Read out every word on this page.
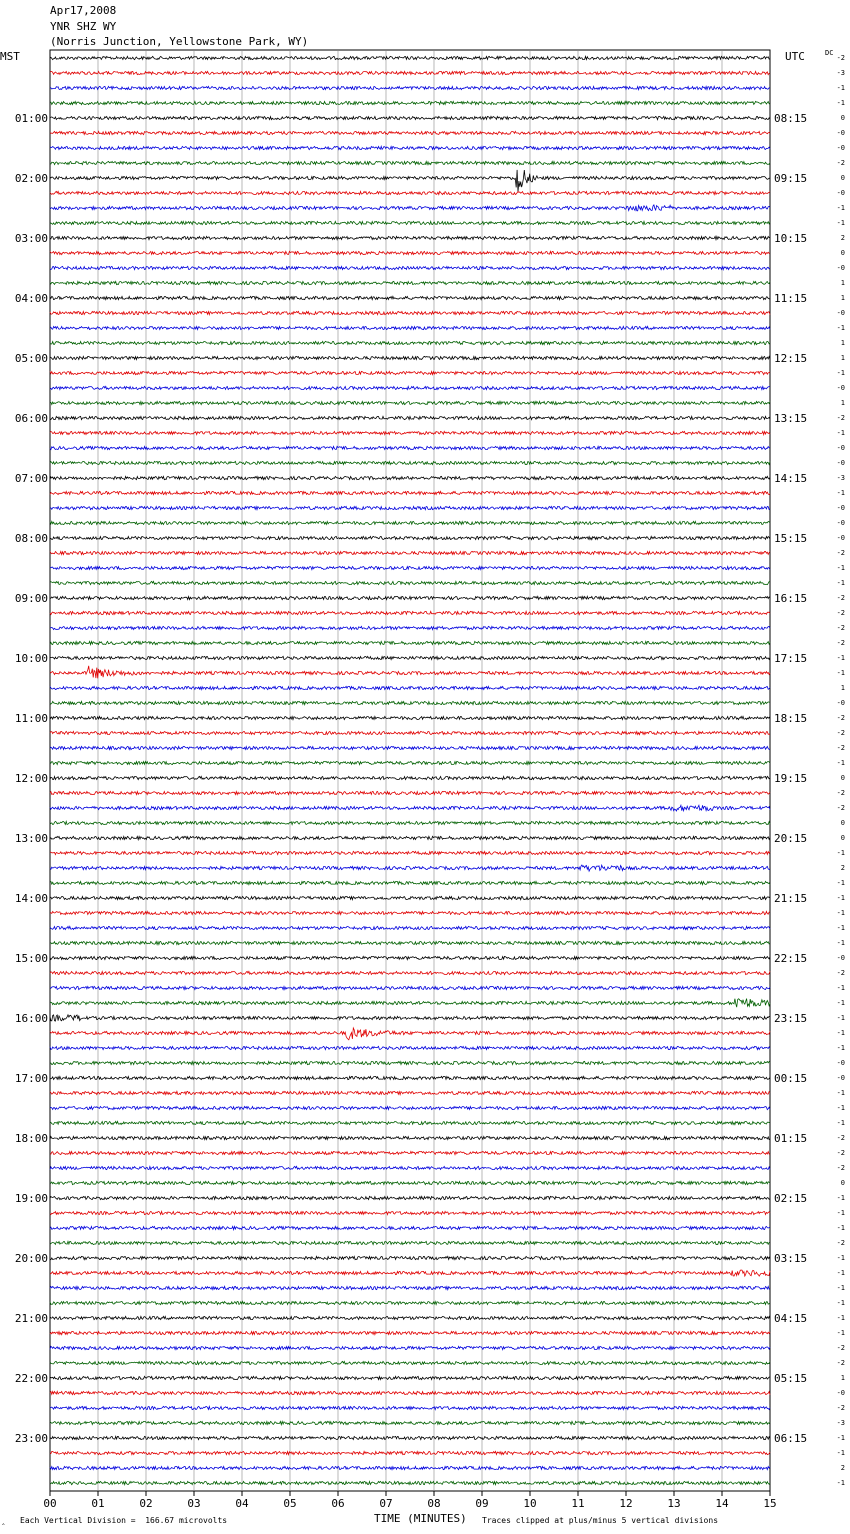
Apr17,2008
YNR SHZ WY
(Norris Junction, Yellowstone Park, WY)
MST	UTC	DC
-2
-3
-1
-1
0
-0
-0
-2
0
-0
-1
-1
2
0
-0
1
1
-0
-1
1
1
-1
-0
1
-2
-1
-0
-0
-3
-1
-0
-0
-0
-2
-1
-1
-2
-2
-2
-2
-1
-1
1
-0
-2
-2
-2
-1
0
-2
-2
0
0
-1
2
-1
-1
-1
-1
-1
-0
-2
-1
-1
-1
-1
-1
-0
-0
-1
-1
-1
-2
-2
-2
0
-1
-1
-1
-2
-1
-1
-1
-1
-1
-1
-2
-2
1
-0
-2
-3
-1
-1
2
-1
01:00	08:15
02:00	09:15
03:00	10:15
04:00	11:15
05:00	12:15
06:00	13:15
07:00	14:15
08:00	15:15
09:00	16:15
10:00	17:15
11:00	18:15
12:00	19:15
13:00	20:15
14:00	21:15
15:00	22:15
16:00	23:15
17:00	00:15
18:00	01:15
19:00	02:15
20:00	03:15
21:00	04:15
22:00	05:15
23:00	06:15
00	01	02	03	04	05	06	07	08	09	10	11	12	13	14	15
‸ Each Vertical Division =  166.67 microvolts	TIME (MINUTES) Traces clipped at plus/minus 5 vertical divisions
